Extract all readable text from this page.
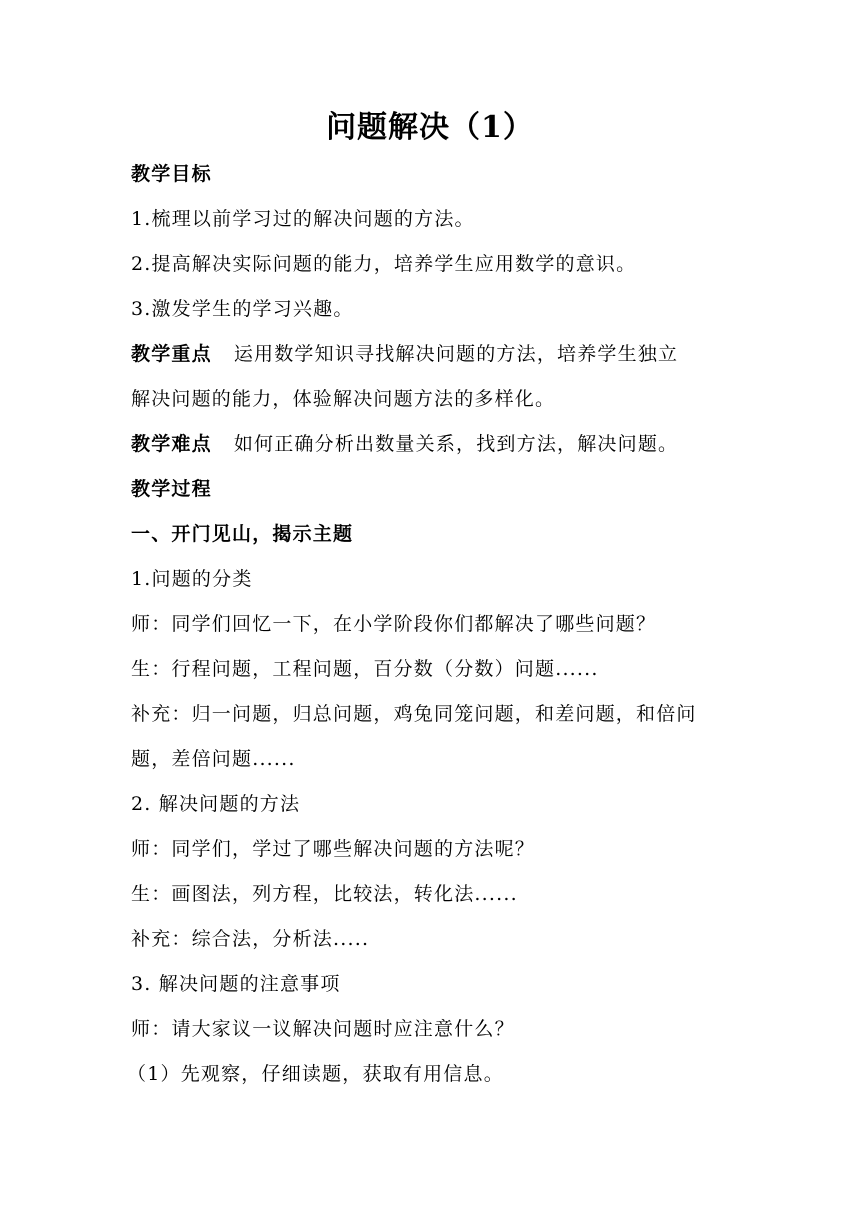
问题解决（1）
教学目标
1.梳理以前学习过的解决问题的方法。
2.提高解决实际问题的能力，培养学生应用数学的意识。
3.激发学生的学习兴趣。
教学重点 运用数学知识寻找解决问题的方法，培养学生独立
解决问题的能力，体验解决问题方法的多样化。
教学难点 如何正确分析出数量关系，找到方法，解决问题。
教学过程
一、开门见山，揭示主题
1.问题的分类
师：同学们回忆一下，在小学阶段你们都解决了哪些问题？
生：行程问题，工程问题，百分数（分数）问题......
补充：归一问题，归总问题，鸡兔同笼问题，和差问题，和倍问
题，差倍问题......
2. 解决问题的方法
师：同学们，学过了哪些解决问题的方法呢？
生：画图法，列方程，比较法，转化法......
补充：综合法，分析法.....
3. 解决问题的注意事项
师：请大家议一议解决问题时应注意什么？
（1）先观察，仔细读题，获取有用信息。
